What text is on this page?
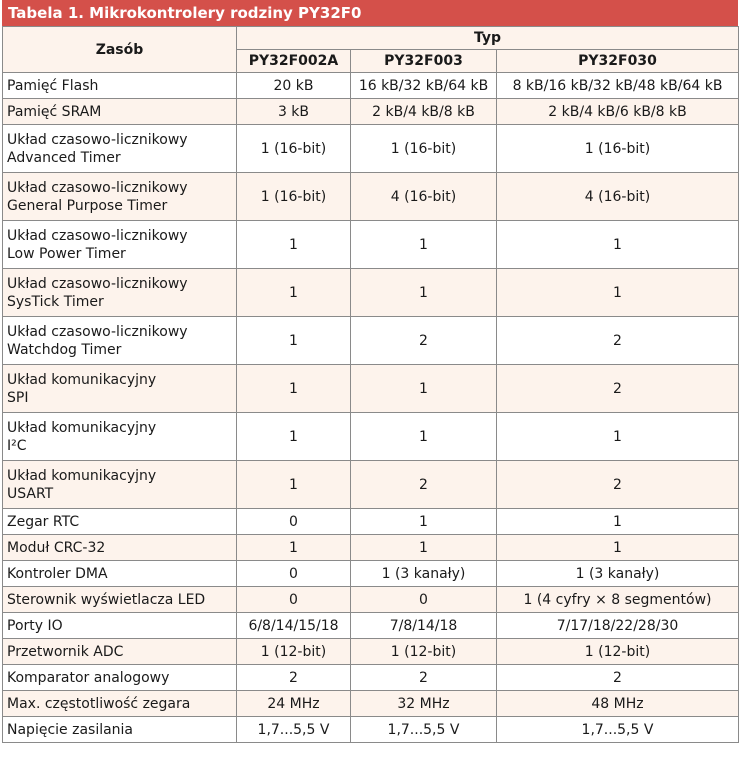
Tabela 1. Mikrokontrolery rodziny PY32F0
Zasób	Typ		
	PY32F002A	PY32F003	PY32F030

Pamięć Flash	20 kB	16 kB/32 kB/64 kB	8 kB/16 kB/32 kB/48 kB/64 kB

Pamięć SRAM	3 kB	2 kB/4 kB/8 kB	2 kB/4 kB/6 kB/8 kB

Układ czasowo-licznikowy
Advanced Timer	1 (16-bit)	1 (16-bit)	1 (16-bit)

Układ czasowo-licznikowy
General Purpose Timer	1 (16-bit)	4 (16-bit)	4 (16-bit)

Układ czasowo-licznikowy
Low Power Timer	1	1	1

Układ czasowo-licznikowy
SysTick Timer	1	1	1

Układ czasowo-licznikowy
Watchdog Timer	1	2	2

Układ komunikacyjny
SPI	1	1	2

Układ komunikacyjny
I²C	1	1	1

Układ komunikacyjny
USART	1	2	2

Zegar RTC	0	1	1

Moduł CRC-32	1	1	1

Kontroler DMA	0	1 (3 kanały)	1 (3 kanały)

Sterownik wyświetlacza LED	0	0	1 (4 cyfry × 8 segmentów)

Porty IO	6/8/14/15/18	7/8/14/18	7/17/18/22/28/30

Przetwornik ADC	1 (12-bit)	1 (12-bit)	1 (12-bit)

Komparator analogowy	2	2	2

Max. częstotliwość zegara	24 MHz	32 MHz	48 MHz

Napięcie zasilania	1,7...5,5 V	1,7...5,5 V	1,7...5,5 V
